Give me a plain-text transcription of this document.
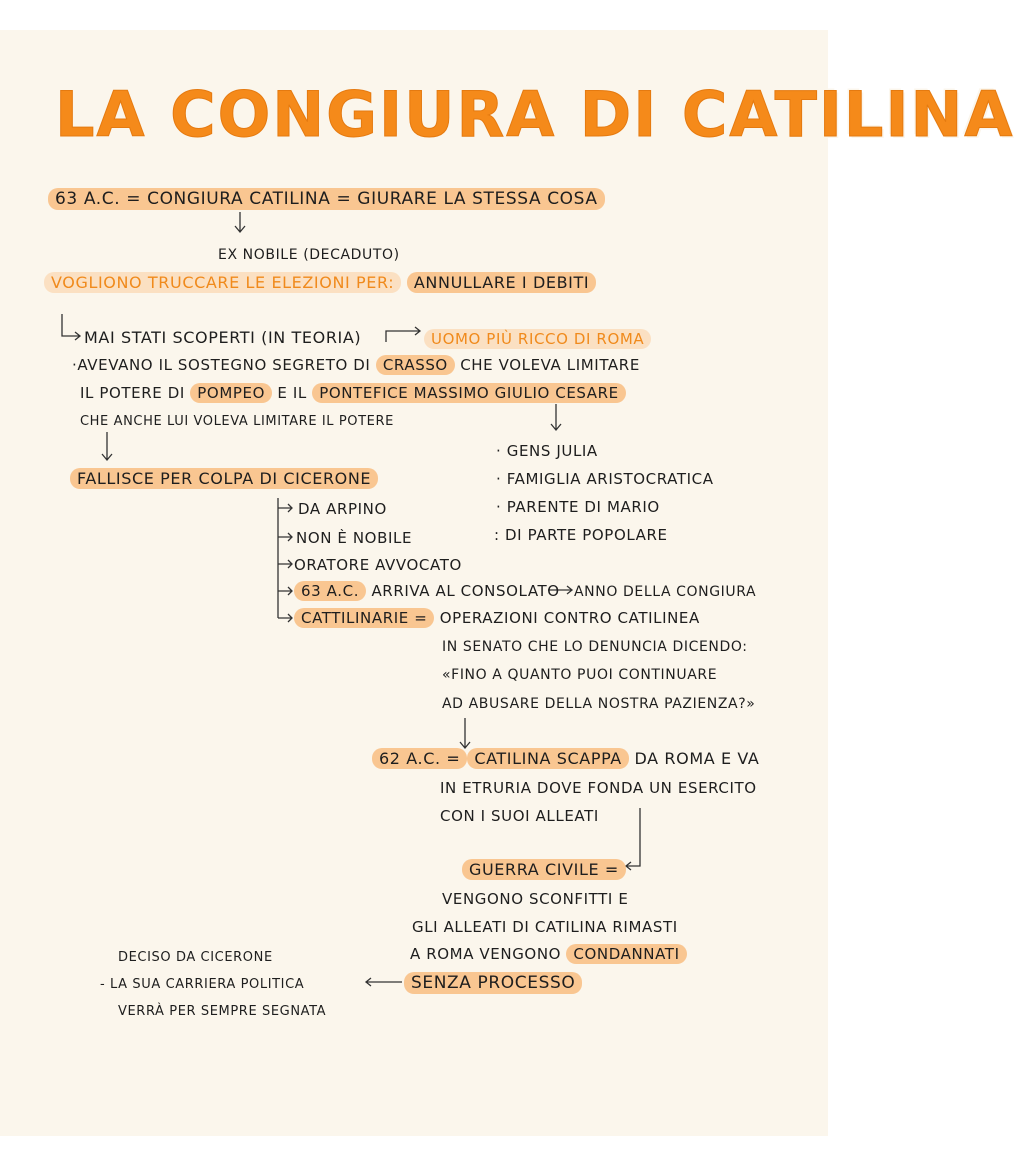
LA CONGIURA DI CATILINA
63 A.C. = CONGIURA CATILINA = GIURARE LA STESSA COSA
EX NOBILE (DECADUTO)
VOGLIONO TRUCCARE LE ELEZIONI PER: ANNULLARE I DEBITI
MAI STATI SCOPERTI (IN TEORIA)	UOMO PIÙ RICCO DI ROMA
·AVEVANO IL SOSTEGNO SEGRETO DI CRASSO CHE VOLEVA LIMITARE
IL POTERE DI POMPEO E IL PONTEFICE MASSIMO GIULIO CESARE
CHE ANCHE LUI VOLEVA LIMITARE IL POTERE
· GENS JULIA
· FAMIGLIA ARISTOCRATICA
· PARENTE DI MARIO
: DI PARTE POPOLARE
FALLISCE PER COLPA DI CICERONE
DA ARPINO
NON È NOBILE
ORATORE AVVOCATO
63 A.C. ARRIVA AL CONSOLATO ANNO DELLA CONGIURA
CATTILINARIE = OPERAZIONI CONTRO CATILINEA
IN SENATO CHE LO DENUNCIA DICENDO:
«FINO A QUANTO PUOI CONTINUARE
AD ABUSARE DELLA NOSTRA PAZIENZA?»
62 A.C. = CATILINA SCAPPA DA ROMA E VA
IN ETRURIA DOVE FONDA UN ESERCITO
CON I SUOI ALLEATI
GUERRA CIVILE =
VENGONO SCONFITTI E
GLI ALLEATI DI CATILINA RIMASTI
A ROMA VENGONO CONDANNATI
SENZA PROCESSO
DECISO DA CICERONE
- LA SUA CARRIERA POLITICA
VERRÀ PER SEMPRE SEGNATA
